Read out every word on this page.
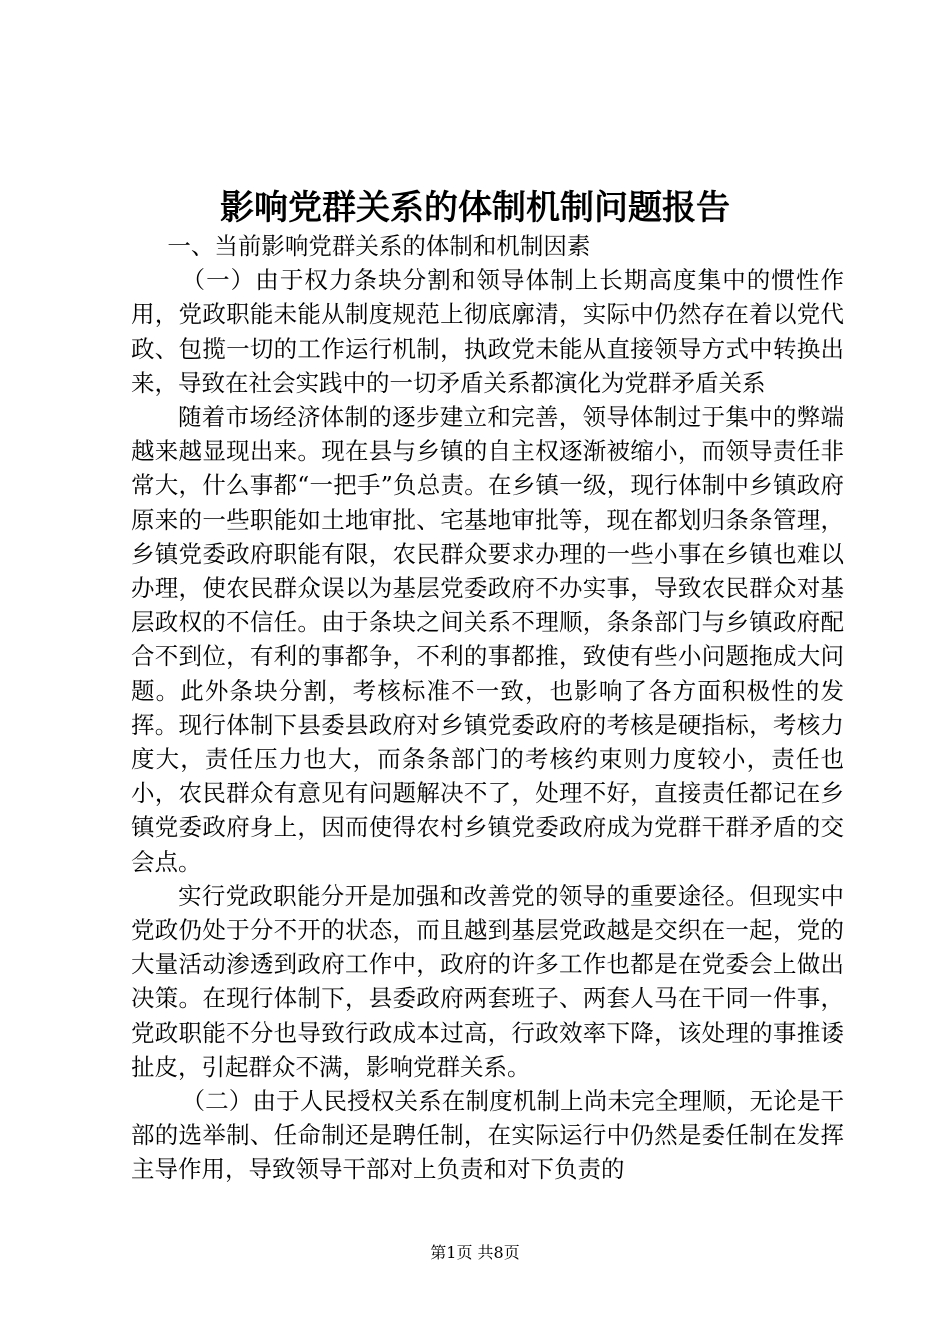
影响党群关系的体制机制问题报告

一、当前影响党群关系的体制和机制因素

（一）由于权力条块分割和领导体制上长期高度集中的惯性作用，党政职能未能从制度规范上彻底廓清，实际中仍然存在着以党代政、包揽一切的工作运行机制，执政党未能从直接领导方式中转换出来，导致在社会实践中的一切矛盾关系都演化为党群矛盾关系

随着市场经济体制的逐步建立和完善，领导体制过于集中的弊端越来越显现出来。现在县与乡镇的自主权逐渐被缩小，而领导责任非常大，什么事都“一把手”负总责。在乡镇一级，现行体制中乡镇政府原来的一些职能如土地审批、宅基地审批等，现在都划归条条管理，乡镇党委政府职能有限，农民群众要求办理的一些小事在乡镇也难以办理，使农民群众误以为基层党委政府不办实事，导致农民群众对基层政权的不信任。由于条块之间关系不理顺，条条部门与乡镇政府配合不到位，有利的事都争，不利的事都推，致使有些小问题拖成大问题。此外条块分割，考核标准不一致，也影响了各方面积极性的发挥。现行体制下县委县政府对乡镇党委政府的考核是硬指标，考核力度大，责任压力也大，而条条部门的考核约束则力度较小，责任也小，农民群众有意见有问题解决不了，处理不好，直接责任都记在乡镇党委政府身上，因而使得农村乡镇党委政府成为党群干群矛盾的交会点。

实行党政职能分开是加强和改善党的领导的重要途径。但现实中党政仍处于分不开的状态，而且越到基层党政越是交织在一起，党的大量活动渗透到政府工作中，政府的许多工作也都是在党委会上做出决策。在现行体制下，县委政府两套班子、两套人马在干同一件事，党政职能不分也导致行政成本过高，行政效率下降，该处理的事推诿扯皮，引起群众不满，影响党群关系。

（二）由于人民授权关系在制度机制上尚未完全理顺，无论是干部的选举制、任命制还是聘任制，在实际运行中仍然是委任制在发挥主导作用，导致领导干部对上负责和对下负责的

第1页 共8页
